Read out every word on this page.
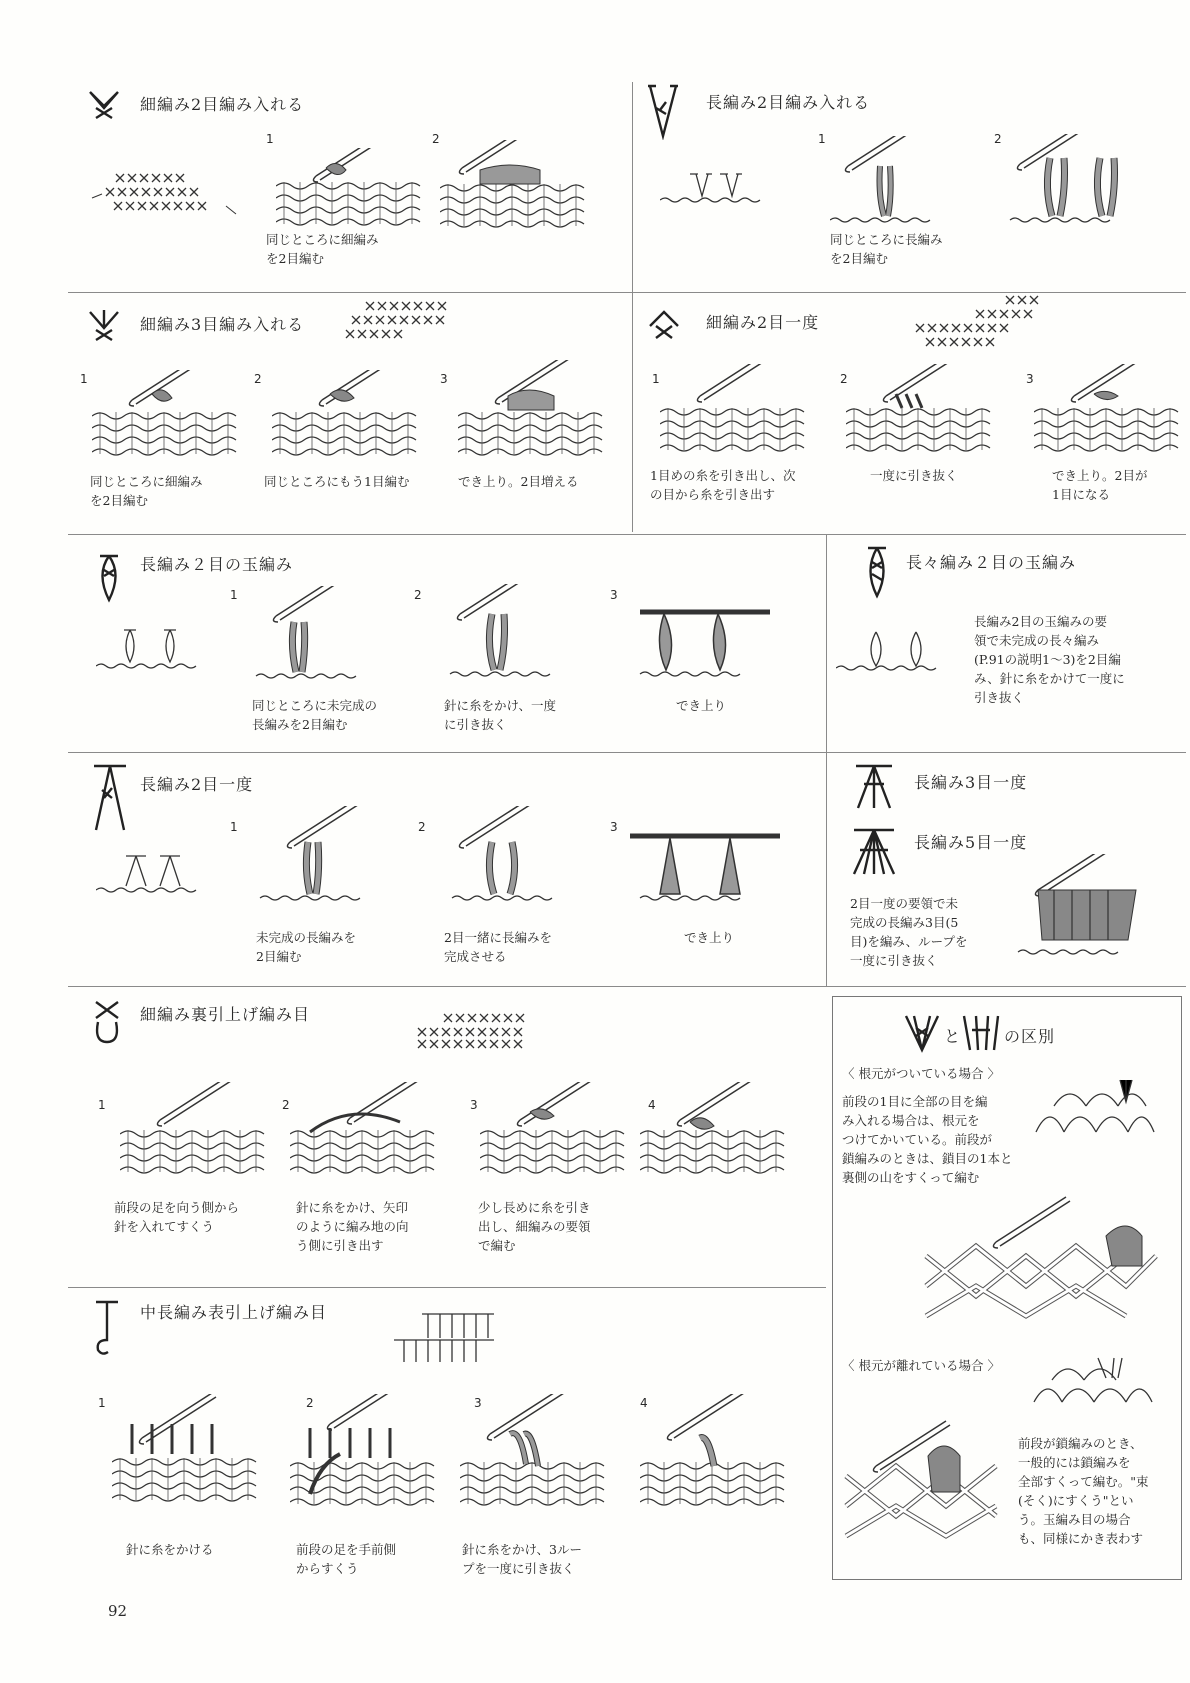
細編み2目編み入れる
1	2
同じところに細編み
を2目編む
長編み2目編み入れる
1	2
同じところに長編み
を2目編む
細編み3目編み入れる
1	2	3
同じところに細編み
を2目編む
同じところにもう1目編む	でき上り。2目増える
細編み2目一度
1	2	3
1目めの糸を引き出し、次
の目から糸を引き出す
一度に引き抜く	でき上り。2目が
1目になる
長編み２目の玉編み
1	2	3
同じところに未完成の
長編みを2目編む
針に糸をかけ、一度
に引き抜く
でき上り
長々編み２目の玉編み
長編み2目の玉編みの要
領で未完成の長々編み
(P.91の説明1～3)を2目編
み、針に糸をかけて一度に
引き抜く
長編み2目一度
1	2	3
未完成の長編みを
2目編む
2目一緒に長編みを
完成させる
でき上り
長編み3目一度
長編み5目一度
2目一度の要領で未
完成の長編み3目(5
目)を編み、ループを
一度に引き抜く
細編み裏引上げ編み目
1	2	3	4
前段の足を向う側から
針を入れてすくう
針に糸をかけ、矢印
のように編み地の向
う側に引き出す
少し長めに糸を引き
出し、細編みの要領
で編む
中長編み表引上げ編み目
1	2	3	4
針に糸をかける	前段の足を手前側
からすくう
針に糸をかけ、3ルー
プを一度に引き抜く
と	の区別
〈 根元がついている場合 〉
前段の1目に全部の目を編
み入れる場合は、根元を
つけてかいている。前段が
鎖編みのときは、鎖目の1本と
裏側の山をすくって編む
〈 根元が離れている場合 〉
前段が鎖編みのとき、
一般的には鎖編みを
全部すくって編む。"束
(そく)にすくう"とい
う。玉編み目の場合
も、同様にかき表わす
92
